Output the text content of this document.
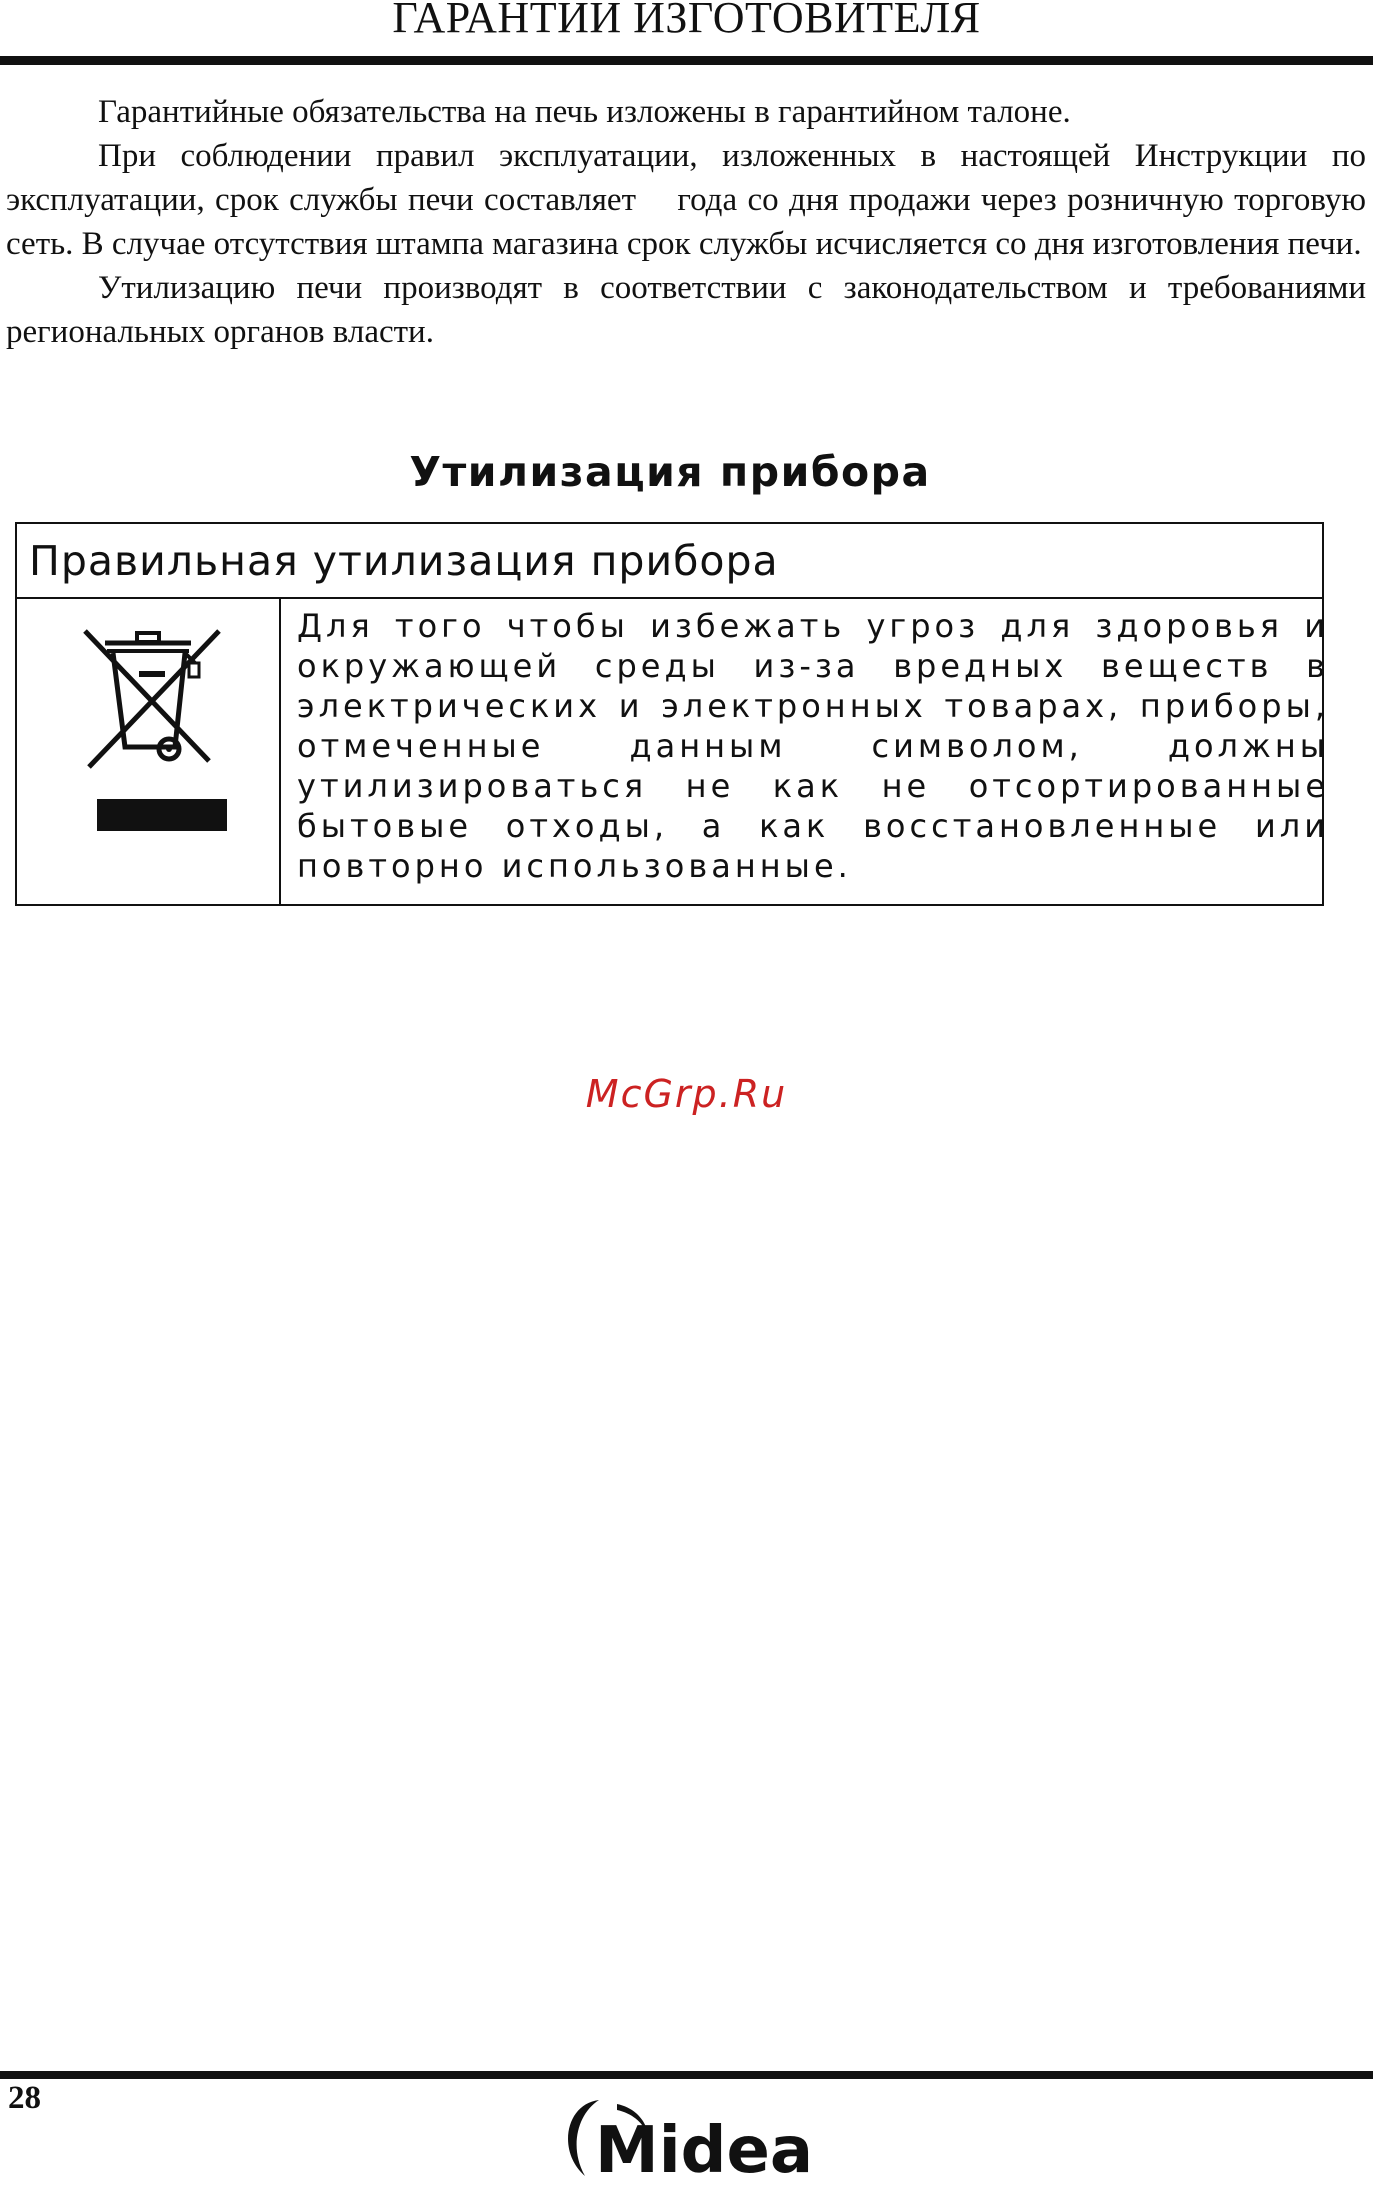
ГАРАНТИИ ИЗГОТОВИТЕЛЯ

Гарантийные обязательства на печь изложены в гарантийном талоне.

При соблюдении правил эксплуатации, изложенных в настоящей Инструкции по эксплуатации, срок службы печи составляет    года со дня продажи через розничную торговую сеть. В случае отсутствия штампа магазина срок службы исчисляется со дня изготовления печи.

Утилизацию печи производят в соответствии с законодательством и требованиями региональных органов власти.

Утилизация прибора
Правильная утилизация прибора

Для того чтобы избежать угроз для здоровья и окружающей среды из-за вредных веществ в электрических и электронных товарах, приборы, отмеченные данным символом, должны утилизироваться не как не отсортированные бытовые отходы, а как восстановленные или повторно использованные.

McGrp.Ru
28
Midea
